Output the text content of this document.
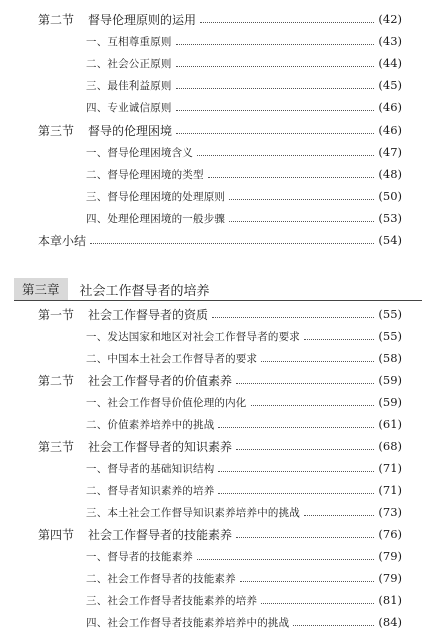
第二节	督导伦理原则的运用	(42)
一、互相尊重原则	(43)
二、社会公正原则	(44)
三、最佳利益原则	(45)
四、专业诚信原则	(46)
第三节	督导的伦理困境	(46)
一、督导伦理困境含义	(47)
二、督导伦理困境的类型	(48)
三、督导伦理困境的处理原则	(50)
四、处理伦理困境的一般步骤	(53)
本章小结	(54)
第三章	社会工作督导者的培养
第一节	社会工作督导者的资质	(55)
一、发达国家和地区对社会工作督导者的要求	(55)
二、中国本土社会工作督导者的要求	(58)
第二节	社会工作督导者的价值素养	(59)
一、社会工作督导价值伦理的内化	(59)
二、价值素养培养中的挑战	(61)
第三节	社会工作督导者的知识素养	(68)
一、督导者的基础知识结构	(71)
二、督导者知识素养的培养	(71)
三、本土社会工作督导知识素养培养中的挑战	(73)
第四节	社会工作督导者的技能素养	(76)
一、督导者的技能素养	(79)
二、社会工作督导者的技能素养	(79)
三、社会工作督导者技能素养的培养	(81)
四、社会工作督导者技能素养培养中的挑战	(84)
